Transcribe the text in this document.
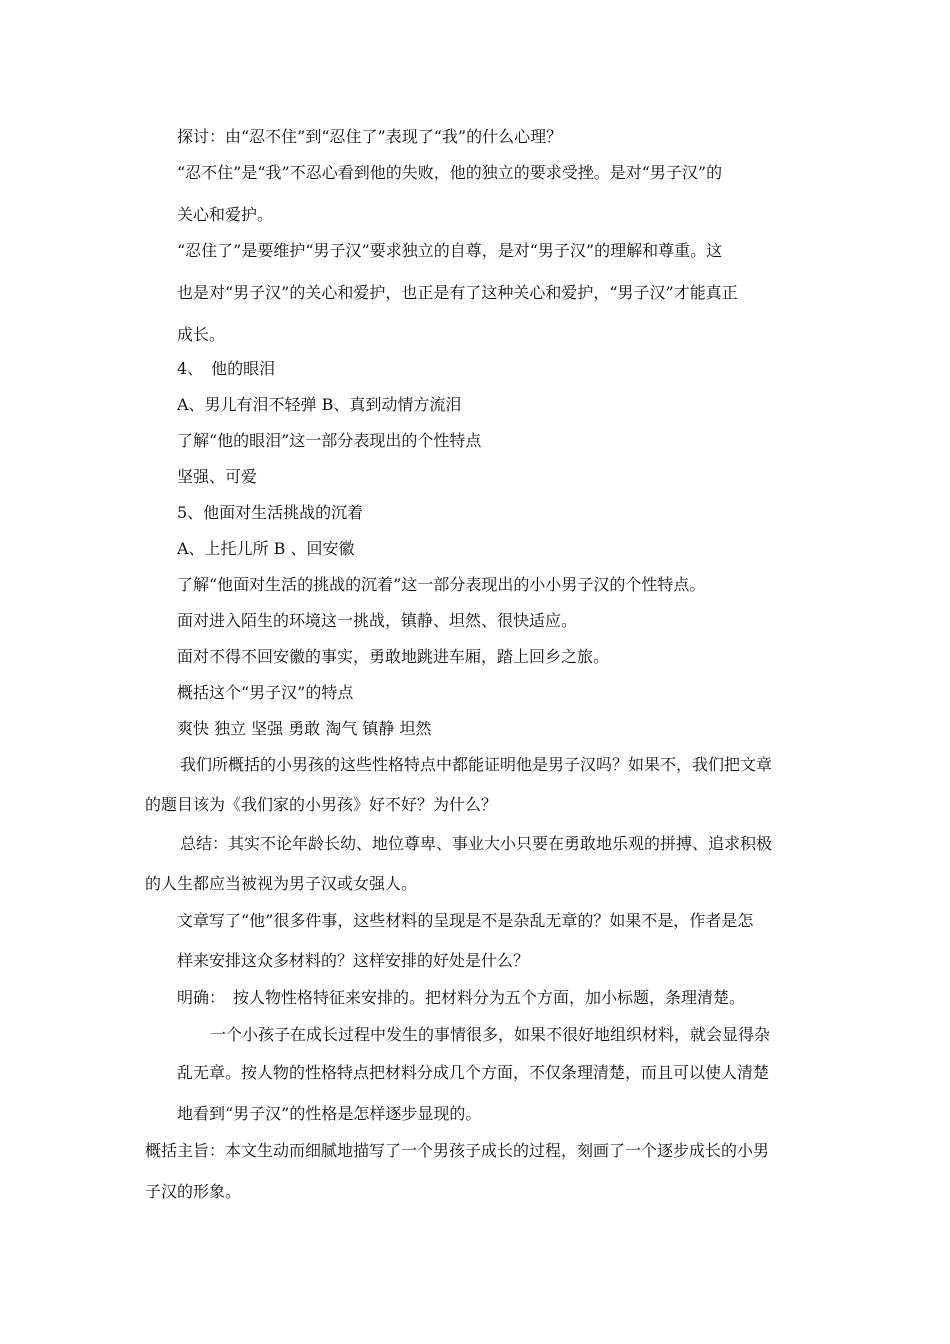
探讨：由“忍不住”到“忍住了”表现了“我”的什么心理？
“忍不住”是“我”不忍心看到他的失败，他的独立的要求受挫。是对“男子汉”的
关心和爱护。
“忍住了”是要维护“男子汉”要求独立的自尊，是对“男子汉”的理解和尊重。这
也是对“男子汉”的关心和爱护，也正是有了这种关心和爱护，“男子汉”才能真正
成长。
4、　他的眼泪
A、男儿有泪不轻弹 B、真到动情方流泪
了解“他的眼泪”这一部分表现出的个性特点
坚强、可爱
5、他面对生活挑战的沉着
A、上托儿所 B 、回安徽
了解“他面对生活的挑战的沉着”这一部分表现出的小小男子汉的个性特点。
面对进入陌生的环境这一挑战，镇静、坦然、很快适应。
面对不得不回安徽的事实，勇敢地跳进车厢，踏上回乡之旅。
概括这个“男子汉”的特点
爽快 独立 坚强 勇敢 淘气 镇静 坦然
我们所概括的小男孩的这些性格特点中都能证明他是男子汉吗？如果不，我们把文章
的题目该为《我们家的小男孩》好不好？为什么？
总结：其实不论年龄长幼、地位尊卑、事业大小只要在勇敢地乐观的拼搏、追求积极
的人生都应当被视为男子汉或女强人。
文章写了“他”很多件事，这些材料的呈现是不是杂乱无章的？如果不是，作者是怎
样来安排这众多材料的？这样安排的好处是什么？
明确：　按人物性格特征来安排的。把材料分为五个方面，加小标题，条理清楚。
一个小孩子在成长过程中发生的事情很多，如果不很好地组织材料，就会显得杂
乱无章。按人物的性格特点把材料分成几个方面，不仅条理清楚，而且可以使人清楚
地看到“男子汉”的性格是怎样逐步显现的。
概括主旨：本文生动而细腻地描写了一个男孩子成长的过程，刻画了一个逐步成长的小男
子汉的形象。
